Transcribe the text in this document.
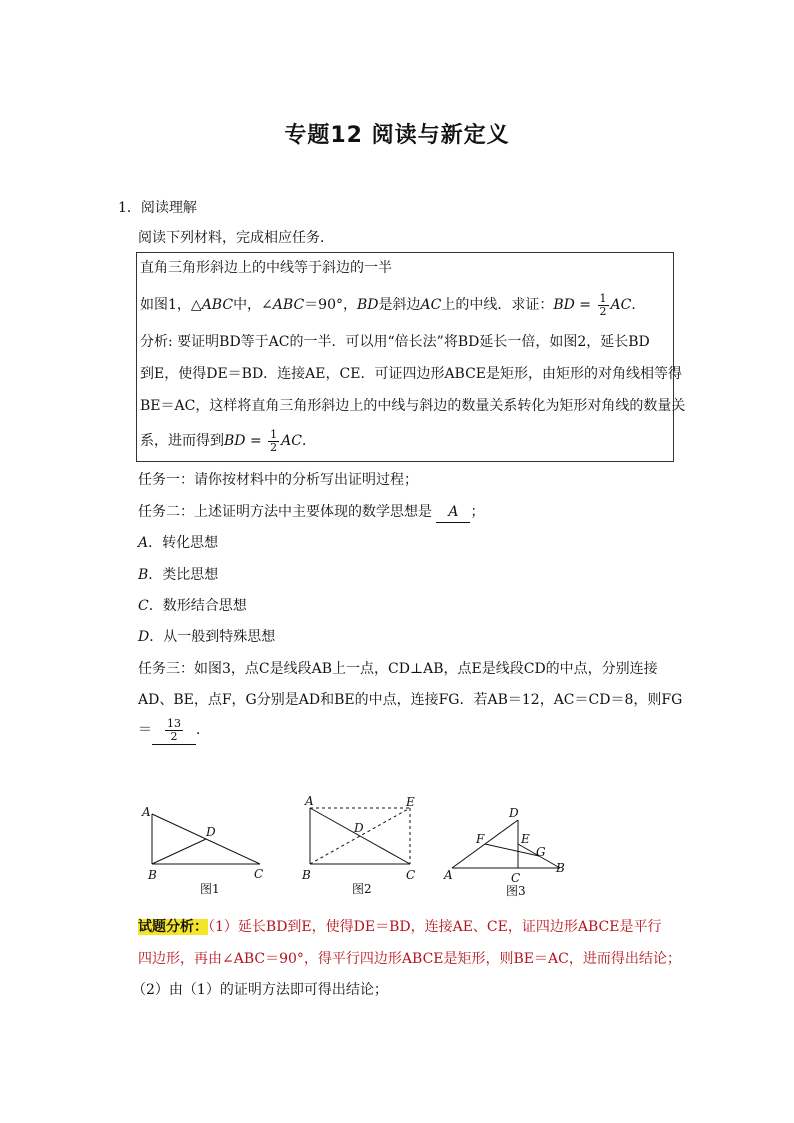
专题12 阅读与新定义
1．阅读理解
阅读下列材料，完成相应任务．
直角三角形斜边上的中线等于斜边的一半
如图1，△ABC中，∠ABC＝90°，BD是斜边AC上的中线．求证：BD = $\frac{1}{2}$ AC．
分析: 要证明BD等于AC的一半．可以用“倍长法”将BD延长一倍，如图2，延长BD
到E，使得DE＝BD．连接AE，CE．可证四边形ABCE是矩形，由矩形的对角线相等得
BE＝AC，这样将直角三角形斜边上的中线与斜边的数量关系转化为矩形对角线的数量关
系，进而得到BD = $\frac{1}{2}$ AC．
任务一：请你按材料中的分析写出证明过程；
任务二：上述证明方法中主要体现的数学思想是 A ；
A．转化思想
B．类比思想
C．数形结合思想
D．从一般到特殊思想
任务三：如图3，点C是线段AB上一点，CD⊥AB，点E是线段CD的中点，分别连接
AD、BE，点F，G分别是AD和BE的中点，连接FG．若AB＝12，AC＝CD＝8，则FG
＝ $\frac{13}{2}$ ．
A
B	C
D
图1
A	E
D
B	C
图2
D
F	E
G
B
A	C
图3
试题分析：（1）延长BD到E，使得DE＝BD，连接AE、CE，证四边形ABCE是平行
四边形，再由∠ABC＝90°，得平行四边形ABCE是矩形，则BE＝AC，进而得出结论；
（2）由（1）的证明方法即可得出结论；
